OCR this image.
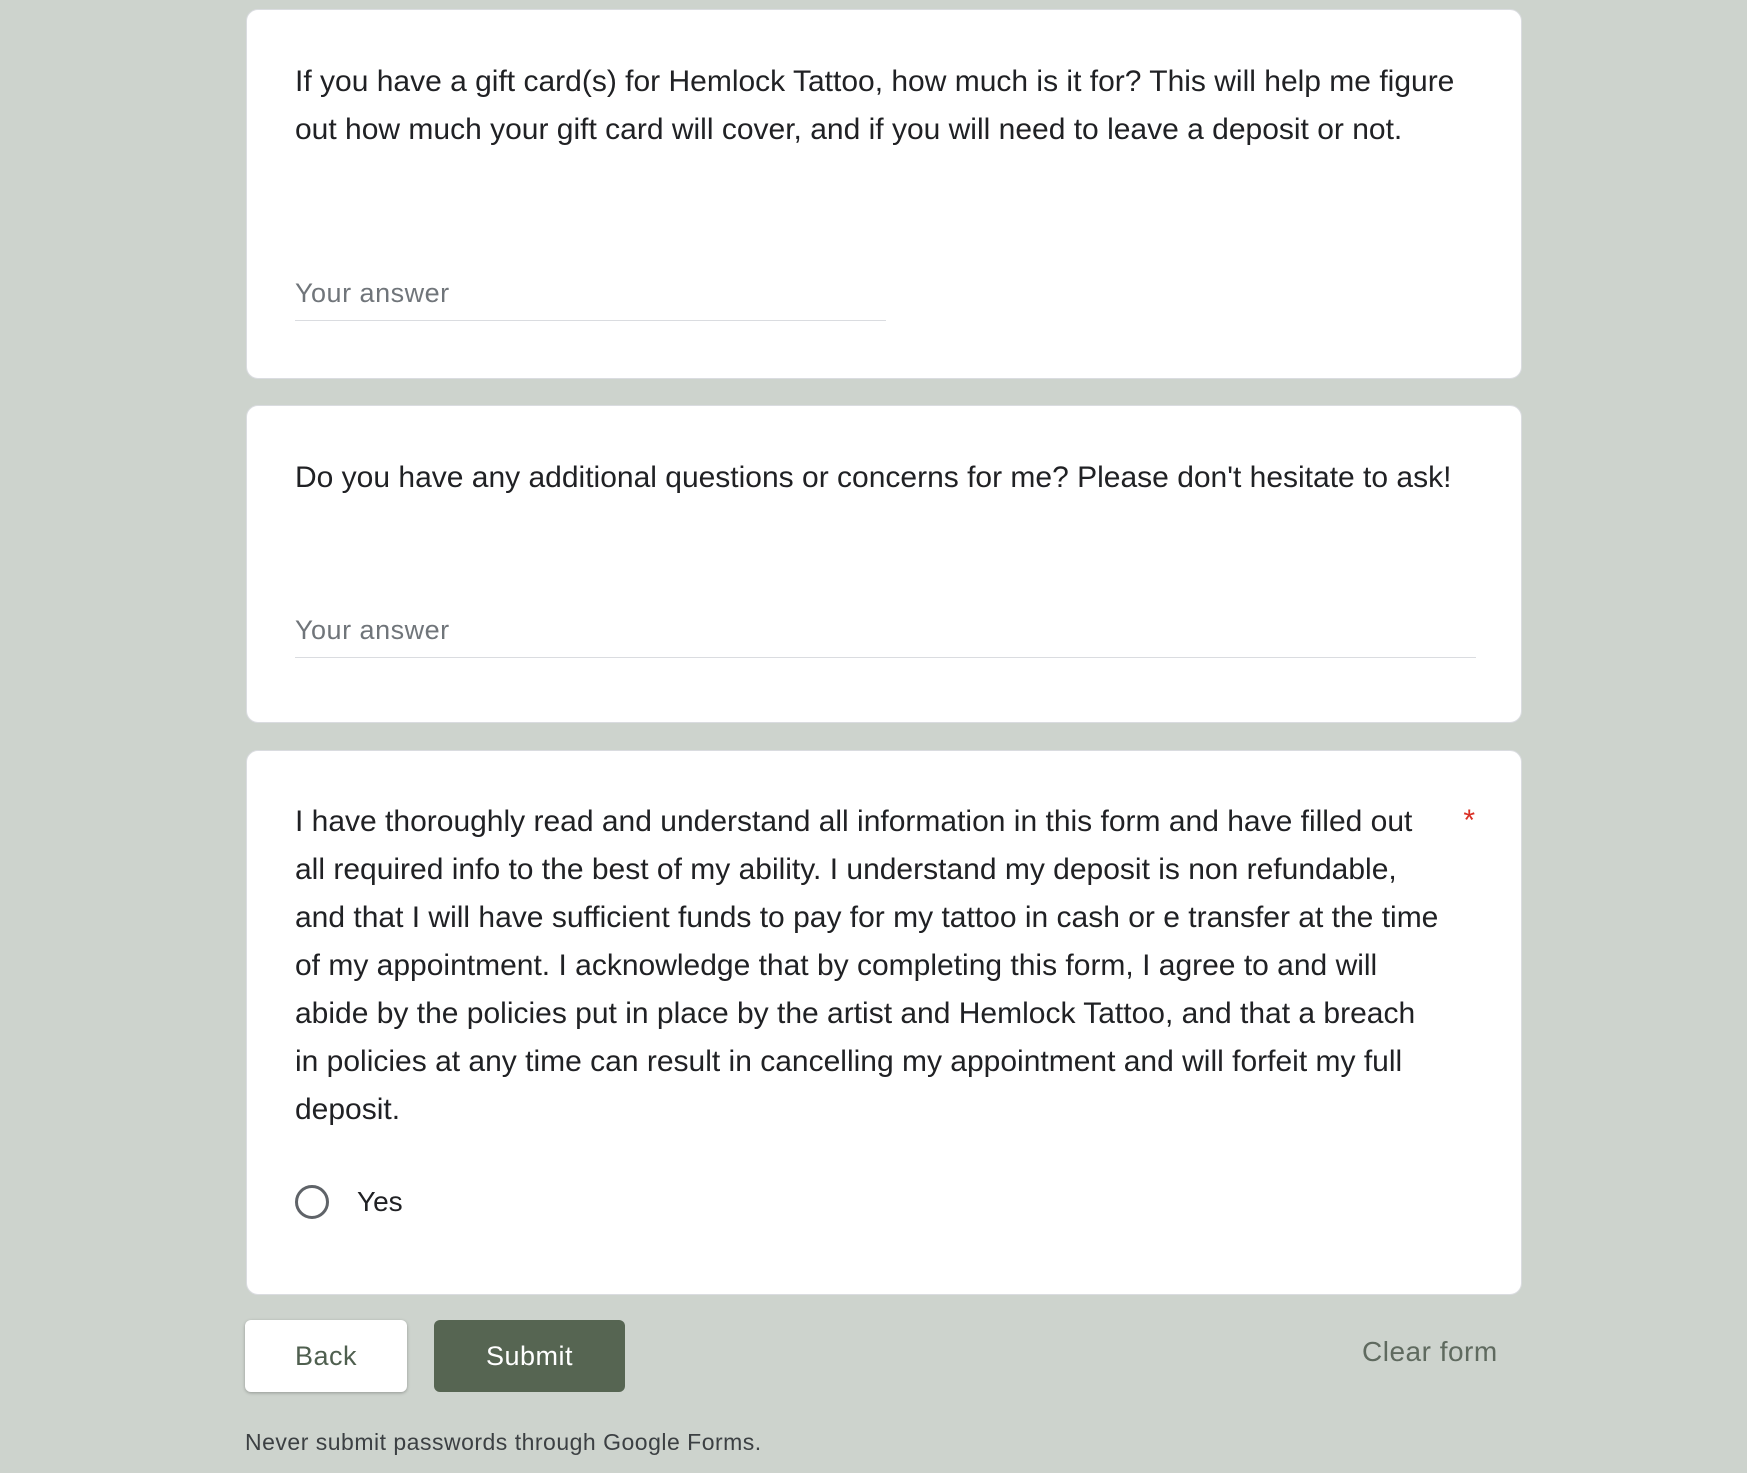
If you have a gift card(s) for Hemlock Tattoo, how much is it for? This will help me figure out how much your gift card will cover, and if you will need to leave a deposit or not.
Your answer
Do you have any additional questions or concerns for me? Please don't hesitate to ask!
Your answer
I have thoroughly read and understand all information in this form and have filled out all required info to the best of my ability. I understand my deposit is non refundable, and that I will have sufficient funds to pay for my tattoo in cash or e transfer at the time of my appointment. I acknowledge that by completing this form, I agree to and will abide by the policies put in place by the artist and Hemlock Tattoo, and that a breach in policies at any time can result in cancelling my appointment and will forfeit my full deposit.
*
Yes
Back	Submit	Clear form
Never submit passwords through Google Forms.
